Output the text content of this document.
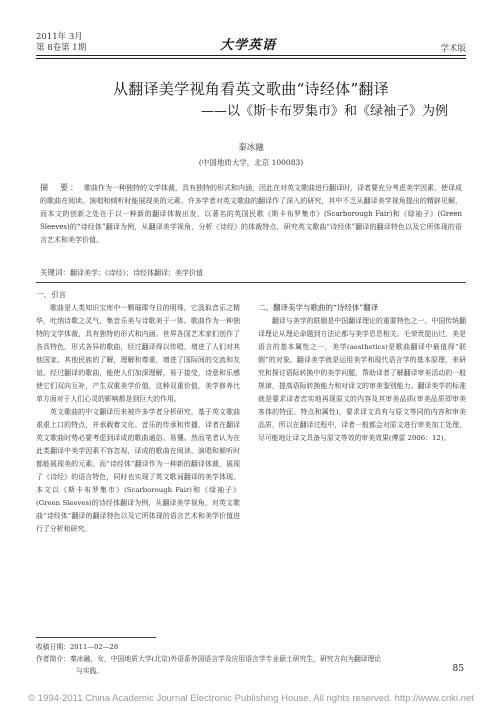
2011年 3月
第 8卷第 1期	大学英语	学术版
从翻译美学视角看英文歌曲“诗经体”翻译
——以《斯卡布罗集市》和《绿袖子》为例
秦冰融
(中国地质大学，北京 100083)
摘　要： 歌曲作为一种独特的文学体裁，具有独特的形式和内涵，因此在对英文歌曲进行翻译时，译者要充分考虑美学因素，使译成的歌曲在阅读、演唱和倾听时能展现美的元素。许多学者对英文歌曲的翻译作了深入的研究，其中不乏从翻译美学视角提出的精辟见解，而本文的创新之处在于以一种新的翻译体裁出发，以著名的英国民歌《斯卡布罗集市》(Scarborough Fair)和《绿袖子》(Green Sleeves)的“诗经体”翻译为例，从翻译美学视角，分析《诗经》的体裁特点，研究英文歌曲“诗经体”翻译的翻译特色以及它所体现的语言艺术和美学价值。
关键词：翻译美学；《诗经》；诗经体翻译；美学价值

一、引言

歌曲是人类知识宝库中一颗璀璨夺目的明珠，它汲取音乐之精华，吐纳诗歌之灵气，集音乐美与诗歌美于一体。歌曲作为一种独特的文学体裁，具有独特的形式和内涵。世界各国艺术家们创作了各具特色、形式各异的歌曲，经过翻译得以传唱，增进了人们对其他国家、其他民族的了解，理解和尊重，增进了国际间的交流和友谊。经过翻译的歌曲，能使人们加深理解，易于接受，诗意和乐感使它们双向互补，产生双重美学价值，这种双重价值，美学修养比单方面对于人们心灵的影响都是到巨大的作用。

英文歌曲的中文翻译历来被许多学者分析研究，基于英文歌曲艰艰上口的特点，并承载着文化、音乐的传承和传播，译者在翻译英文歌曲时势必要考虑到译成的歌曲通俗、易懂。然而笔者认为在此类翻译中美学因素不容忽视，译成的歌曲在阅读、演唱和倾听时都能展现美的元素。而“诗经体”翻译作为一种新的翻译体裁，展现了《诗经》的语言特色，同时也实现了英文歌词翻译的美学体现。本文以《斯卡布罗集市》(Scarborough Fair)和《绿袖子》(Green Sleeves)的诗经体翻译为例，从翻译美学视角，对英文歌曲“诗经体”翻译的翻译特色以及它所体现的语言艺术和美学价值进行了分析和研究。

二、翻译美学与歌曲的“诗经体”翻译

翻译与美学的联姻是中国翻译理论的重要特色之一。中国传统翻译理论从理论命题到方法论都与美学息息相关。毛荣贵提出过，美是语言的基本属性之一，美学(aesthetics)是歌曲翻译中最值得“联姻”的对象。翻译美学就是运用美学和现代语言学的基本原理，来研究和探讨语际转换中的美学问题，帮助译者了解翻译审美活动的一般规律，提高语际转换能力和对译文的审美鉴别能力。翻译美学的标准就是要求译者忠实地再现原文的内容及其审美品质(审美品质即审美客体的特征、特点和属性)，要求译文具有与原文等同的内容和审美品质，所以在翻译过程中，译者一般都会对原文进行审美加工处理，尽可能地让译文具备与原文等效的审美效果(傅雷 2006：12)。

收稿日期：2011—02—28
作者简介：秦冰融，女，中国地质大学(北京)外语系外国语言学及应用语言学专业硕士研究生，研究方向为翻译理论
与实践。	85
© 1994-2011 China Academic Journal Electronic Publishing House. All rights reserved. http://www.cnki.net
